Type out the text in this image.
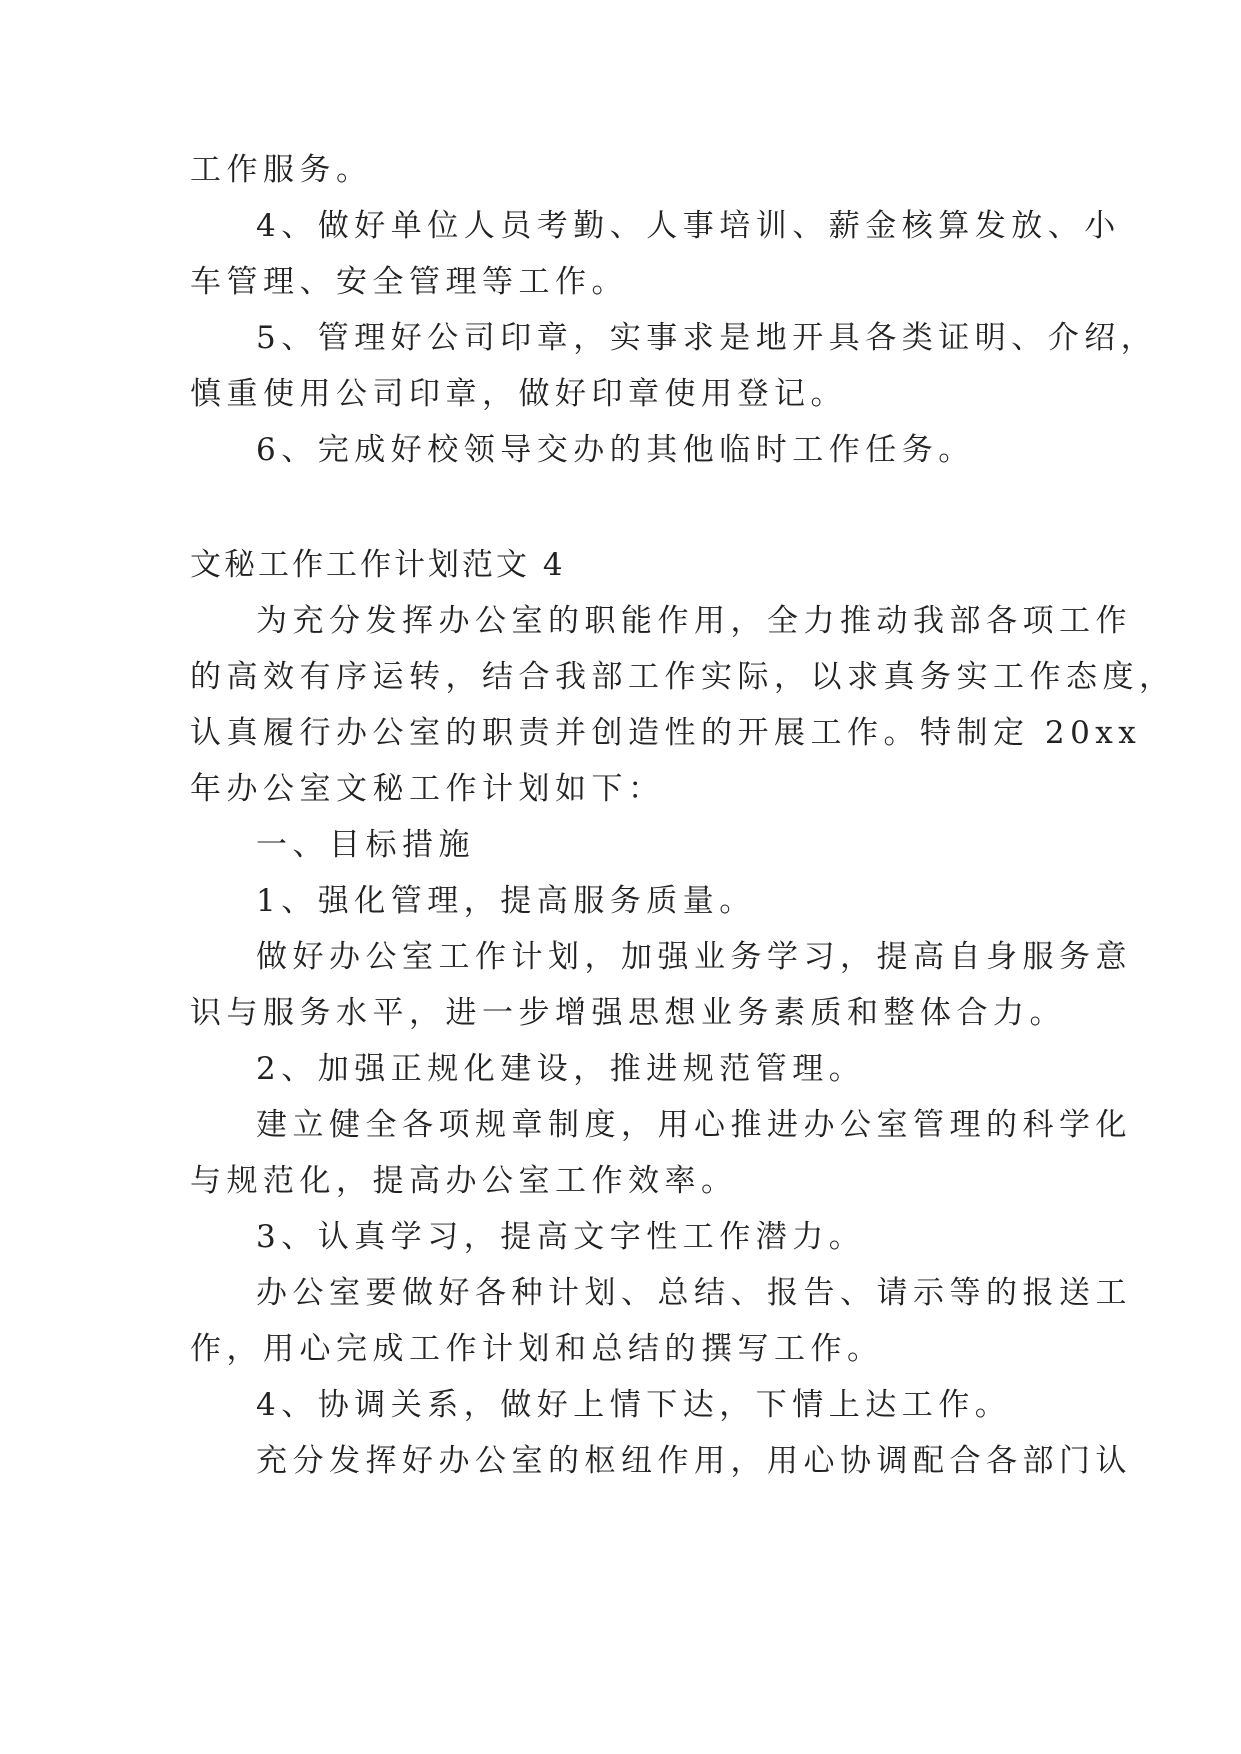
工作服务。
4、做好单位人员考勤、人事培训、薪金核算发放、小
车管理、安全管理等工作。
5、管理好公司印章，实事求是地开具各类证明、介绍，
慎重使用公司印章，做好印章使用登记。
6、完成好校领导交办的其他临时工作任务。
文秘工作工作计划范文 4
为充分发挥办公室的职能作用，全力推动我部各项工作
的高效有序运转，结合我部工作实际，以求真务实工作态度，
认真履行办公室的职责并创造性的开展工作。特制定 20xx
年办公室文秘工作计划如下：
一、目标措施
1、强化管理，提高服务质量。
做好办公室工作计划，加强业务学习，提高自身服务意
识与服务水平，进一步增强思想业务素质和整体合力。
2、加强正规化建设，推进规范管理。
建立健全各项规章制度，用心推进办公室管理的科学化
与规范化，提高办公室工作效率。
3、认真学习，提高文字性工作潜力。
办公室要做好各种计划、总结、报告、请示等的报送工
作，用心完成工作计划和总结的撰写工作。
4、协调关系，做好上情下达，下情上达工作。
充分发挥好办公室的枢纽作用，用心协调配合各部门认
